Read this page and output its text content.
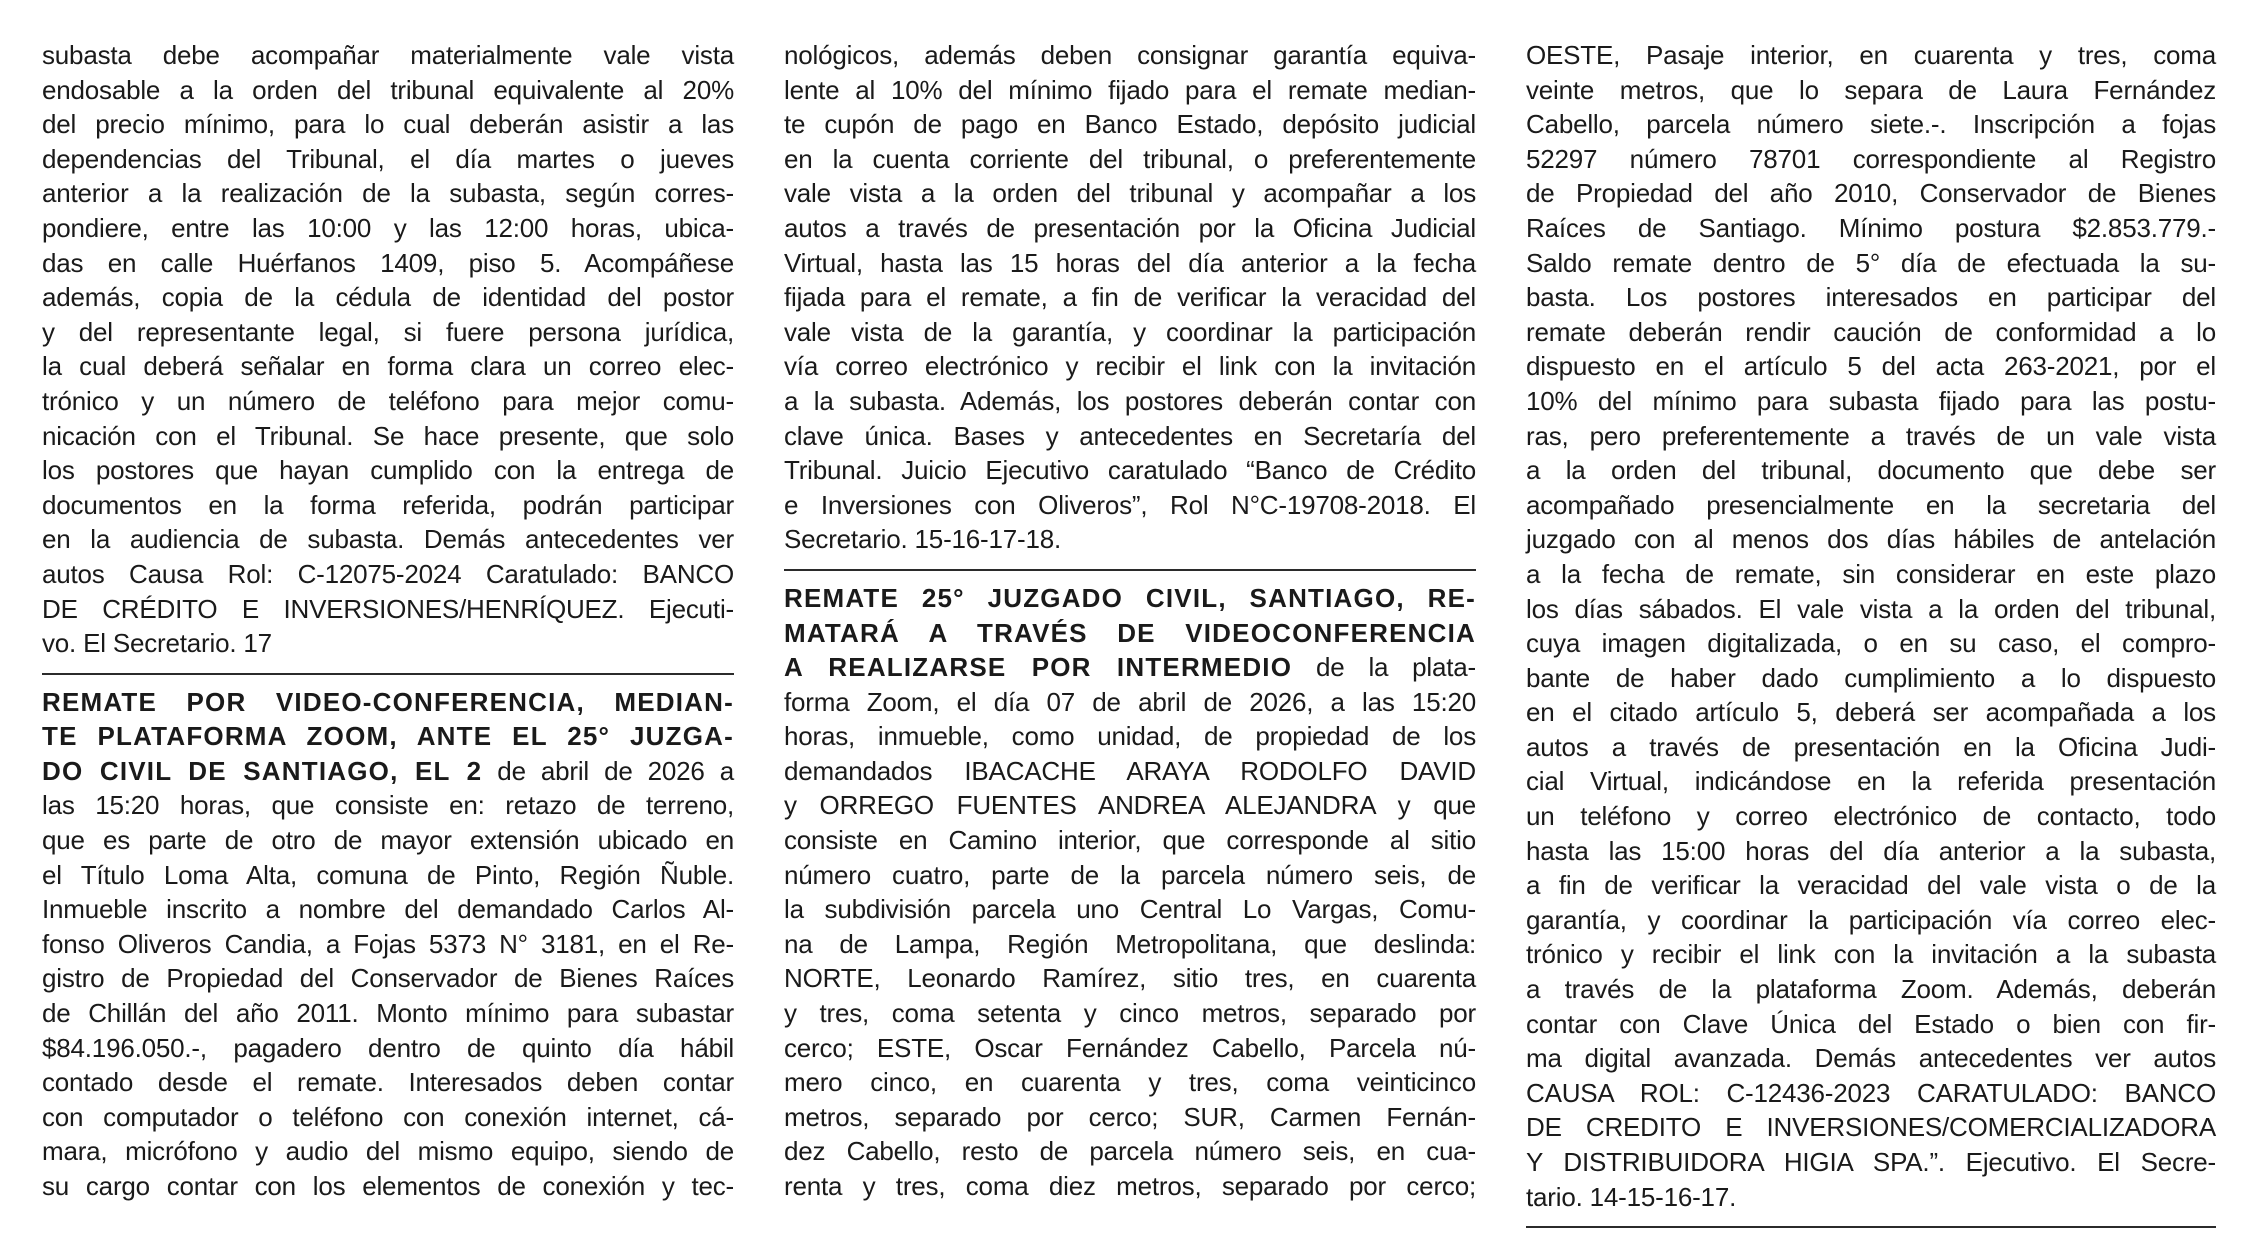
subasta debe acompañar materialmente vale vista
endosable a la orden del tribunal equivalente al 20%
del precio mínimo, para lo cual deberán asistir a las
dependencias del Tribunal, el día martes o jueves
anterior a la realización de la subasta, según corres-
pondiere, entre las 10:00 y las 12:00 horas, ubica-
das en calle Huérfanos 1409, piso 5. Acompáñese
además, copia de la cédula de identidad del postor
y del representante legal, si fuere persona jurídica,
la cual deberá señalar en forma clara un correo elec-
trónico y un número de teléfono para mejor comu-
nicación con el Tribunal. Se hace presente, que solo
los postores que hayan cumplido con la entrega de
documentos en la forma referida, podrán participar
en la audiencia de subasta. Demás antecedentes ver
autos Causa Rol: C-12075-2024 Caratulado: BANCO
DE CRÉDITO E INVERSIONES/HENRÍQUEZ. Ejecuti-
vo. El Secretario. 17
REMATE POR VIDEO-CONFERENCIA, MEDIAN-
TE PLATAFORMA ZOOM, ANTE EL 25° JUZGA-
DO CIVIL DE SANTIAGO, EL 2 de abril de 2026 a
las 15:20 horas, que consiste en: retazo de terreno,
que es parte de otro de mayor extensión ubicado en
el Título Loma Alta, comuna de Pinto, Región Ñuble.
Inmueble inscrito a nombre del demandado Carlos Al-
fonso Oliveros Candia, a Fojas 5373 N° 3181, en el Re-
gistro de Propiedad del Conservador de Bienes Raíces
de Chillán del año 2011. Monto mínimo para subastar
$84.196.050.-, pagadero dentro de quinto día hábil
contado desde el remate. Interesados deben contar
con computador o teléfono con conexión internet, cá-
mara, micrófono y audio del mismo equipo, siendo de
su cargo contar con los elementos de conexión y tec-
nológicos, además deben consignar garantía equiva-
lente al 10% del mínimo fijado para el remate median-
te cupón de pago en Banco Estado, depósito judicial
en la cuenta corriente del tribunal, o preferentemente
vale vista a la orden del tribunal y acompañar a los
autos a través de presentación por la Oficina Judicial
Virtual, hasta las 15 horas del día anterior a la fecha
fijada para el remate, a fin de verificar la veracidad del
vale vista de la garantía, y coordinar la participación
vía correo electrónico y recibir el link con la invitación
a la subasta. Además, los postores deberán contar con
clave única. Bases y antecedentes en Secretaría del
Tribunal. Juicio Ejecutivo caratulado “Banco de Crédito
e Inversiones con Oliveros”, Rol N°C-19708-2018. El
Secretario. 15-16-17-18.
REMATE 25° JUZGADO CIVIL, SANTIAGO, RE-
MATARÁ A TRAVÉS DE VIDEOCONFERENCIA
A REALIZARSE POR INTERMEDIO de la plata-
forma Zoom, el día 07 de abril de 2026, a las 15:20
horas, inmueble, como unidad, de propiedad de los
demandados IBACACHE ARAYA RODOLFO DAVID
y ORREGO FUENTES ANDREA ALEJANDRA y que
consiste en Camino interior, que corresponde al sitio
número cuatro, parte de la parcela número seis, de
la subdivisión parcela uno Central Lo Vargas, Comu-
na de Lampa, Región Metropolitana, que deslinda:
NORTE, Leonardo Ramírez, sitio tres, en cuarenta
y tres, coma setenta y cinco metros, separado por
cerco; ESTE, Oscar Fernández Cabello, Parcela nú-
mero cinco, en cuarenta y tres, coma veinticinco
metros, separado por cerco; SUR, Carmen Fernán-
dez Cabello, resto de parcela número seis, en cua-
renta y tres, coma diez metros, separado por cerco;
OESTE, Pasaje interior, en cuarenta y tres, coma
veinte metros, que lo separa de Laura Fernández
Cabello, parcela número siete.-. Inscripción a fojas
52297 número 78701 correspondiente al Registro
de Propiedad del año 2010, Conservador de Bienes
Raíces de Santiago. Mínimo postura $2.853.779.-
Saldo remate dentro de 5° día de efectuada la su-
basta. Los postores interesados en participar del
remate deberán rendir caución de conformidad a lo
dispuesto en el artículo 5 del acta 263-2021, por el
10% del mínimo para subasta fijado para las postu-
ras, pero preferentemente a través de un vale vista
a la orden del tribunal, documento que debe ser
acompañado presencialmente en la secretaria del
juzgado con al menos dos días hábiles de antelación
a la fecha de remate, sin considerar en este plazo
los días sábados. El vale vista a la orden del tribunal,
cuya imagen digitalizada, o en su caso, el compro-
bante de haber dado cumplimiento a lo dispuesto
en el citado artículo 5, deberá ser acompañada a los
autos a través de presentación en la Oficina Judi-
cial Virtual, indicándose en la referida presentación
un teléfono y correo electrónico de contacto, todo
hasta las 15:00 horas del día anterior a la subasta,
a fin de verificar la veracidad del vale vista o de la
garantía, y coordinar la participación vía correo elec-
trónico y recibir el link con la invitación a la subasta
a través de la plataforma Zoom. Además, deberán
contar con Clave Única del Estado o bien con fir-
ma digital avanzada. Demás antecedentes ver autos
CAUSA ROL: C-12436-2023 CARATULADO: BANCO
DE CREDITO E INVERSIONES/COMERCIALIZADORA
Y DISTRIBUIDORA HIGIA SPA.”. Ejecutivo. El Secre-
tario. 14-15-16-17.
